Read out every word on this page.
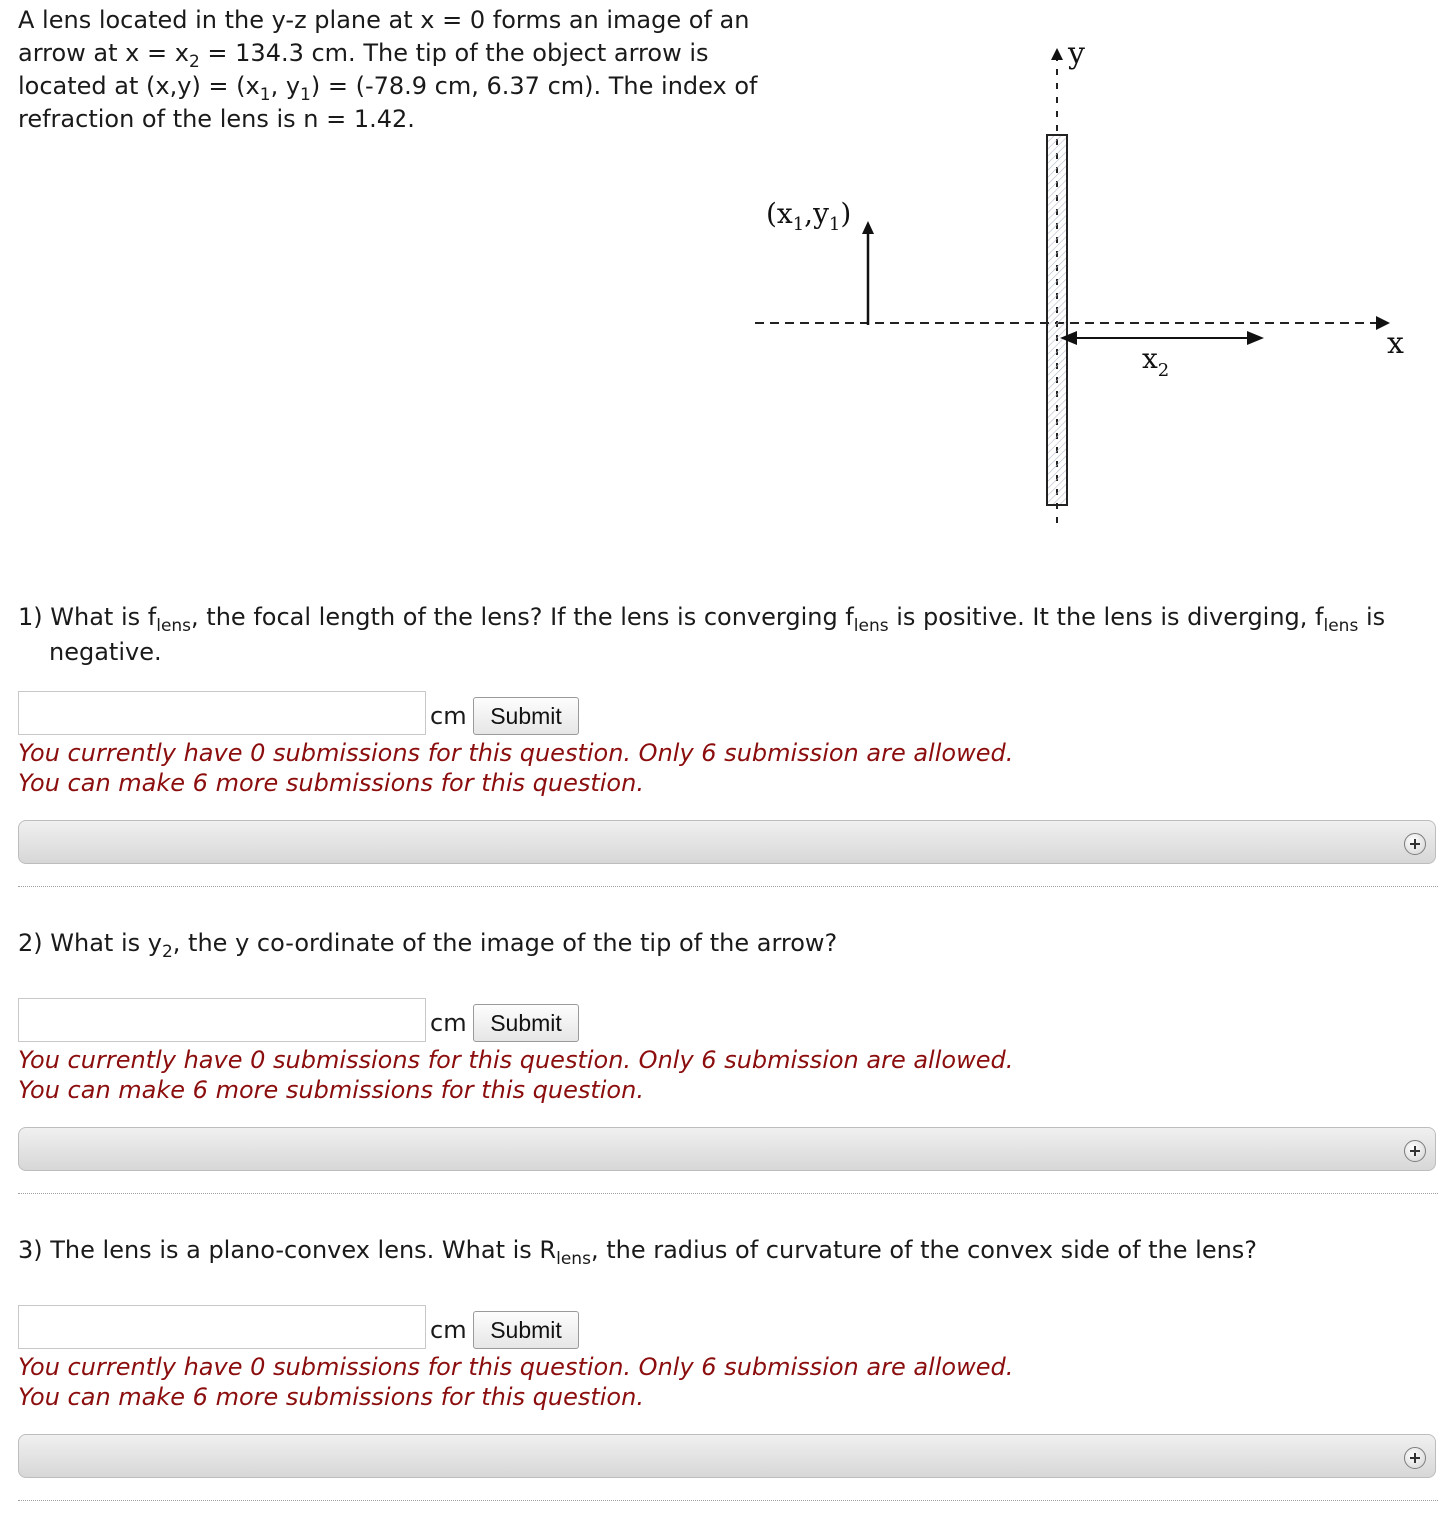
A lens located in the y-z plane at x = 0 forms an image of an arrow at $x = x_2 = 134.3$ cm. The tip of the object arrow is located at $(x,y) = (x_1$, $y_1) = (-78.9$ cm, 6.37 cm). The index of refraction of the lens is n = 1.42.

y
x
$x_2$
$(x_1,y_1)$

1) What is $f_{lens}$, the focal length of the lens? If the lens is converging $f_{lens}$ is positive. It the lens is diverging, $f_{lens}$ is negative.

cm	Submit
You currently have 0 submissions for this question. Only 6 submission are allowed.
You can make 6 more submissions for this question.

2) What is $y_2$, the y co-ordinate of the image of the tip of the arrow?

cm	Submit
You currently have 0 submissions for this question. Only 6 submission are allowed.
You can make 6 more submissions for this question.

3) The lens is a plano-convex lens. What is $R_{lens}$, the radius of curvature of the convex side of the lens?

cm	Submit
You currently have 0 submissions for this question. Only 6 submission are allowed.
You can make 6 more submissions for this question.
